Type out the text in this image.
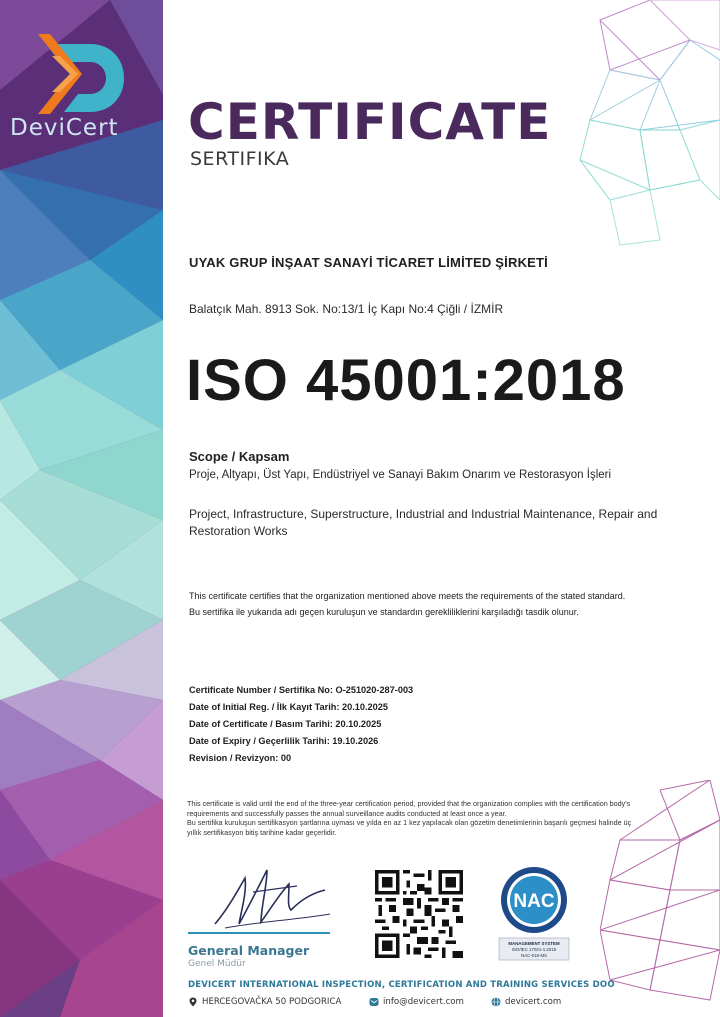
DeviCert CERTIFICATE
SERTIFIKA
UYAK GRUP İNŞAAT SANAYİ TİCARET LİMİTED ŞİRKETİ
Balatçık Mah. 8913 Sok. No:13/1 İç Kapı No:4 Çiğli / İZMİR
ISO 45001:2018
Scope / Kapsam
Proje, Altyapı, Üst Yapı, Endüstriyel ve Sanayi Bakım Onarım ve Restorasyon İşleri
Project, Infrastructure, Superstructure, Industrial and Industrial Maintenance, Repair and Restoration Works
This certificate certifies that the organization mentioned above meets the requirements of the stated standard.
Bu sertifika ile yukarıda adı geçen kuruluşun ve standardın gerekliliklerini karşıladığı tasdik olunur.
Certificate Number / Sertifika No: O-251020-287-003
Date of Initial Reg. / İlk Kayıt Tarih: 20.10.2025
Date of Certificate / Basım Tarihi: 20.10.2025
Date of Expiry / Geçerlilik Tarihi: 19.10.2026
Revision / Revizyon: 00

This certificate is valid until the end of the three-year certification period, provided that the organization complies with the certification body's requirements and successfully passes the annual surveillance audits conducted at least once a year.

Bu sertifika kuruluşun sertifikasyon şartlarına uyması ve yılda en az 1 kez yapılacak olan gözetim denetimlerinin başarılı geçmesi halinde üç yıllık sertifikasyon bitiş tarihine kadar geçerlidir.

General Manager
Genel Müdür
NAC
MANAGEMENT SYSTEM
ISO/IEC 17021-1:2015
NAC-018-MS
DEVICERT INTERNATIONAL INSPECTION, CERTIFICATION AND TRAINING SERVICES DOO
HERCEGOVAČKA 50 PODGORICA	info@devicert.com	devicert.com
